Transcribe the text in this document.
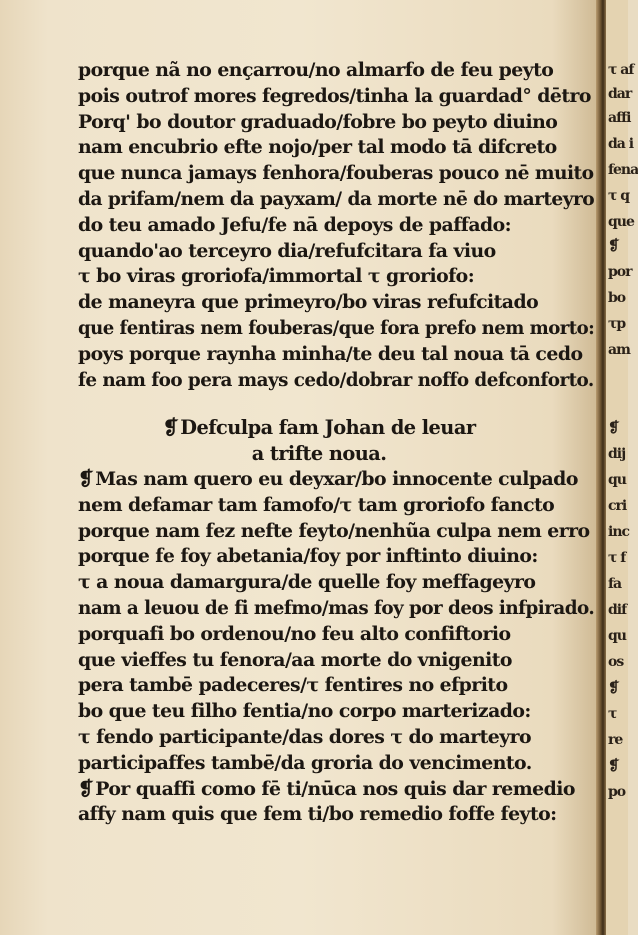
porque nã no ençarrou/no almarfo de feu peyto
pois outrof mores fegredos/tinha la guardad° dētro
Porq' bo doutor graduado/fobre bo peyto diuino
nam encubrio efte nojo/per tal modo tā difcreto
que nunca jamays fenhora/fouberas pouco nē muito
da prifam/nem da payxam/ da morte nē do marteyro
do teu amado Jefu/fe nā depoys de paffado:
quando'ao terceyro dia/refufcitara fa viuo
τ bo viras groriofa/immortal τ groriofo:
de maneyra que primeyro/bo viras refufcitado
que fentiras nem fouberas/que fora prefo nem morto:
poys porque raynha minha/te deu tal noua tā cedo
fe nam foo pera mays cedo/dobrar noffo defconforto.
❡ Defculpa fam Johan de leuar
a trifte noua.
❡ Mas nam quero eu deyxar/bo innocente culpado
nem defamar tam famofo/τ tam groriofo fancto
porque nam fez nefte feyto/nenhũa culpa nem erro
porque fe foy abetania/foy por inftinto diuino:
τ a noua damargura/de quelle foy meffageyro
nam a leuou de fi mefmo/mas foy por deos infpirado.
porquafi bo ordenou/no feu alto confiftorio
que vieffes tu fenora/aa morte do vnigenito
pera tambē padeceres/τ fentires no efprito
bo que teu filho fentia/no corpo marterizado:
τ fendo participante/das dores τ do marteyro
participaffes tambē/da groria do vencimento.
❡ Por quaffi como fē ti/nūca nos quis dar remedio
affy nam quis que fem ti/bo remedio foffe feyto:
τ af
dar
affi
da i
fena
τ q
que
❡
por
bo
τp
am
❡
dij
qu
cri
inc
τ f
fa
dif
qu
os
❡
τ
re
❡
po
